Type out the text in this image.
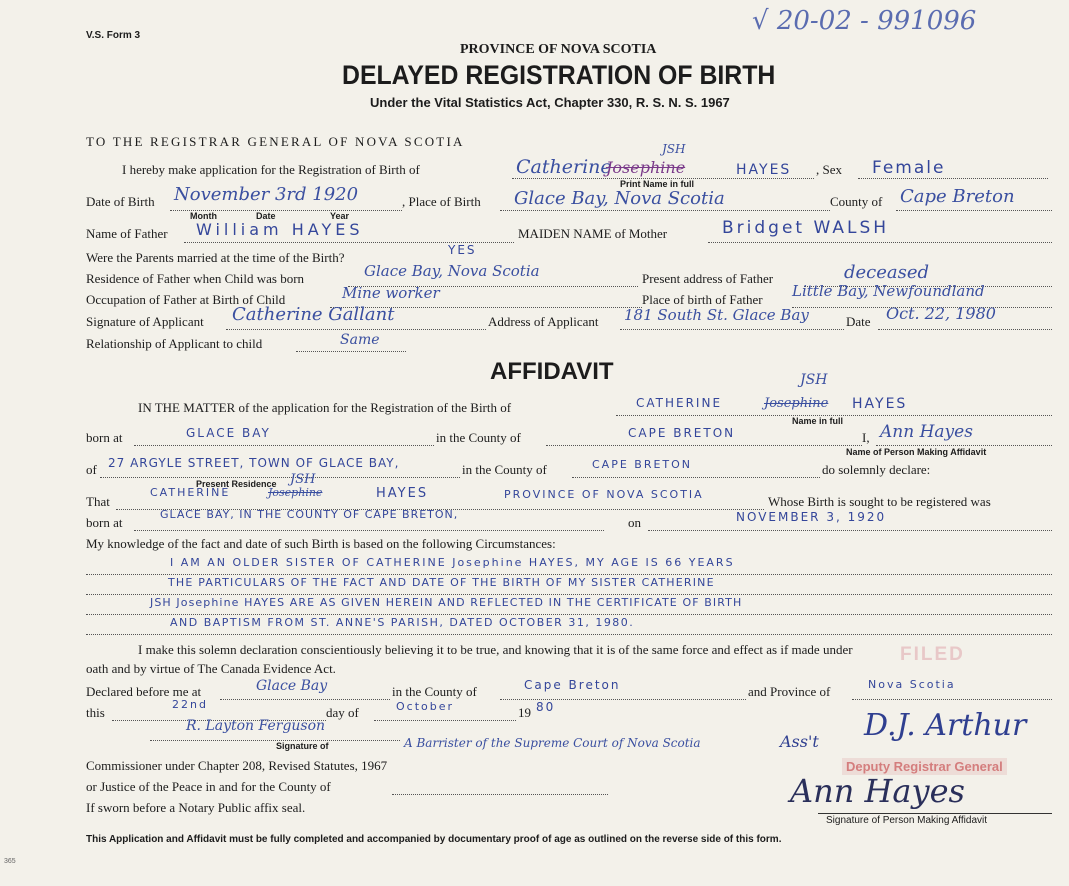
V.S. Form 3	√ 20-02 - 991096
PROVINCE OF NOVA SCOTIA
DELAYED REGISTRATION OF BIRTH
Under the Vital Statistics Act, Chapter 330, R. S. N. S. 1967
TO THE REGISTRAR GENERAL OF NOVA SCOTIA
I hereby make application for the Registration of Birth of	Catherine
Josephine
JSH
HAYES , Sex Female
Print Name in full
Date of Birth November 3rd 1920
Month	Date	Year
, Place of Birth Glace Bay, Nova Scotia	County of Cape Breton
Name of Father William HAYES	MAIDEN NAME of Mother	Bridget WALSH
Were the Parents married at the time of the Birth?	YES
Residence of Father when Child was born	Glace Bay, Nova Scotia	Present address of Father	deceased
Occupation of Father at Birth of Child	Mine worker	Place of birth of Father Little Bay, Newfoundland
Signature of Applicant Catherine Gallant	Address of Applicant 181 South St. Glace Bay	Date Oct. 22, 1980
Relationship of Applicant to child	Same
AFFIDAVIT
IN THE MATTER of the application for the Registration of the Birth of	CATHERINE	Josephine
JSH
HAYES
Name in full
born at	GLACE BAY	in the County of	CAPE BRETON	I, Ann Hayes
Name of Person Making Affidavit
of 27 ARGYLE STREET, TOWN OF GLACE BAY,
Present Residence
in the County of	CAPE BRETON	do solemnly declare:
That
CATHERINE	Josephine
JSH
HAYES	PROVINCE OF NOVA SCOTIA	Whose Birth is sought to be registered was
born at
GLACE BAY, IN THE COUNTY OF CAPE BRETON,
on	NOVEMBER 3, 1920
My knowledge of the fact and date of such Birth is based on the following Circumstances:
I AM AN OLDER SISTER OF CATHERINE Josephine HAYES, MY AGE IS 66 YEARS
THE PARTICULARS OF THE FACT AND DATE OF THE BIRTH OF MY SISTER CATHERINE
JSH Josephine HAYES ARE AS GIVEN HEREIN AND REFLECTED IN THE CERTIFICATE OF BIRTH
AND BAPTISM FROM ST. ANNE'S PARISH, DATED OCTOBER 31, 1980.
I make this solemn declaration conscientiously believing it to be true, and knowing that it is of the same force and effect as if made under
oath and by virtue of The Canada Evidence Act.
Declared before me at	Glace Bay	in the County of	Cape Breton	and Province of	Nova Scotia
this
22nd
day of	October	19 80
R. Layton Ferguson
Signature of	A Barrister of the Supreme Court of Nova Scotia
Commissioner under Chapter 208, Revised Statutes, 1967
or Justice of the Peace in and for the County of
If sworn before a Notary Public affix seal.
FILED
Deputy Registrar General
Ass't D.J. Arthur
Ann Hayes
Signature of Person Making Affidavit
This Application and Affidavit must be fully completed and accompanied by documentary proof of age as outlined on the reverse side of this form.
365
